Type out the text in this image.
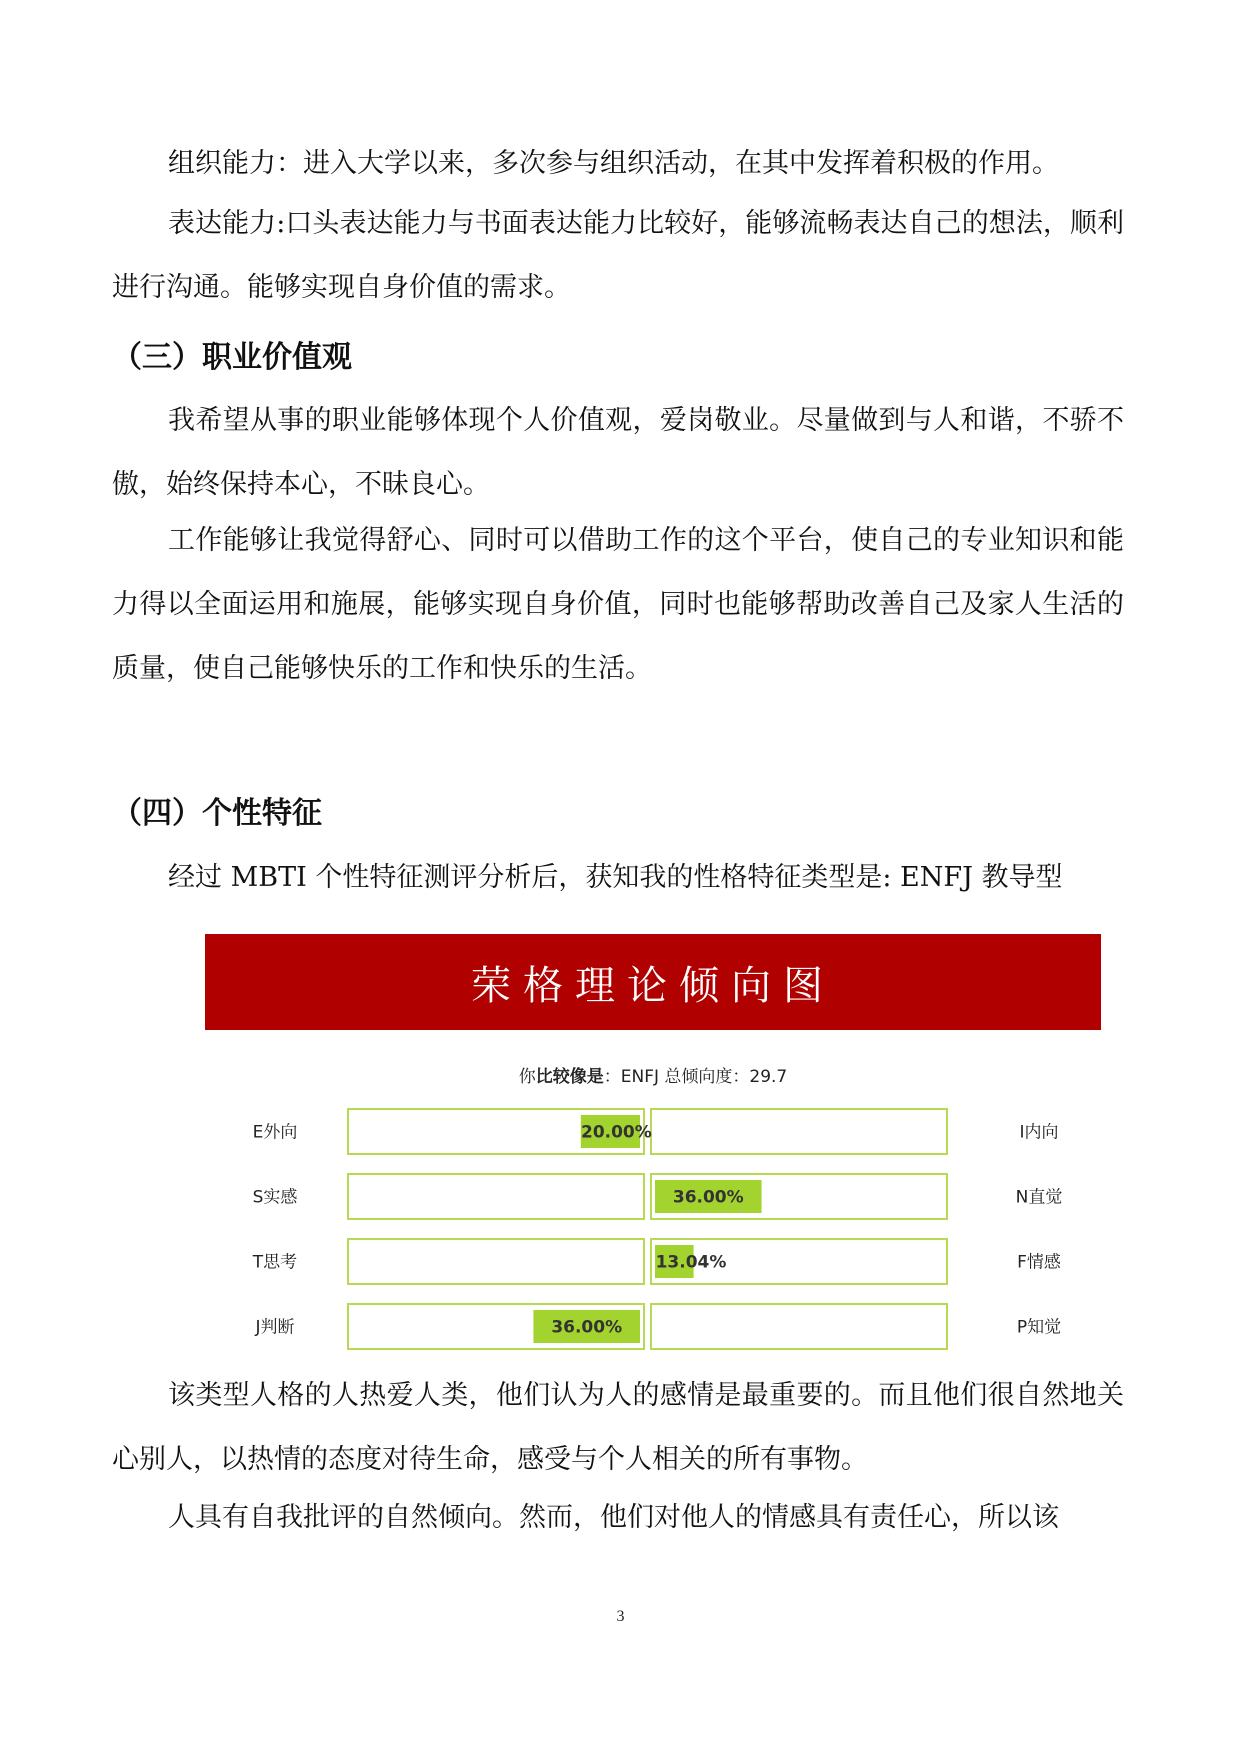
组织能力：进入大学以来，多次参与组织活动，在其中发挥着积极的作用。

表达能力:口头表达能力与书面表达能力比较好，能够流畅表达自己的想法，顺利进行沟通。能够实现自身价值的需求。

（三）职业价值观

我希望从事的职业能够体现个人价值观，爱岗敬业。尽量做到与人和谐，不骄不傲，始终保持本心，不昧良心。

工作能够让我觉得舒心、同时可以借助工作的这个平台，使自己的专业知识和能力得以全面运用和施展，能够实现自身价值，同时也能够帮助改善自己及家人生活的质量，使自己能够快乐的工作和快乐的生活。

（四）个性特征

经过 MBTI 个性特征测评分析后，获知我的性格特征类型是: ENFJ 教导型

荣格理论倾向图
你比较像是：ENFJ 总倾向度：29.7
E外向	I内向
20.00%
S实感	N直觉
36.00%
T思考	F情感
13.04%
J判断	P知觉
36.00%

该类型人格的人热爱人类，他们认为人的感情是最重要的。而且他们很自然地关心别人，以热情的态度对待生命，感受与个人相关的所有事物。

人具有自我批评的自然倾向。然而，他们对他人的情感具有责任心，所以该

3
